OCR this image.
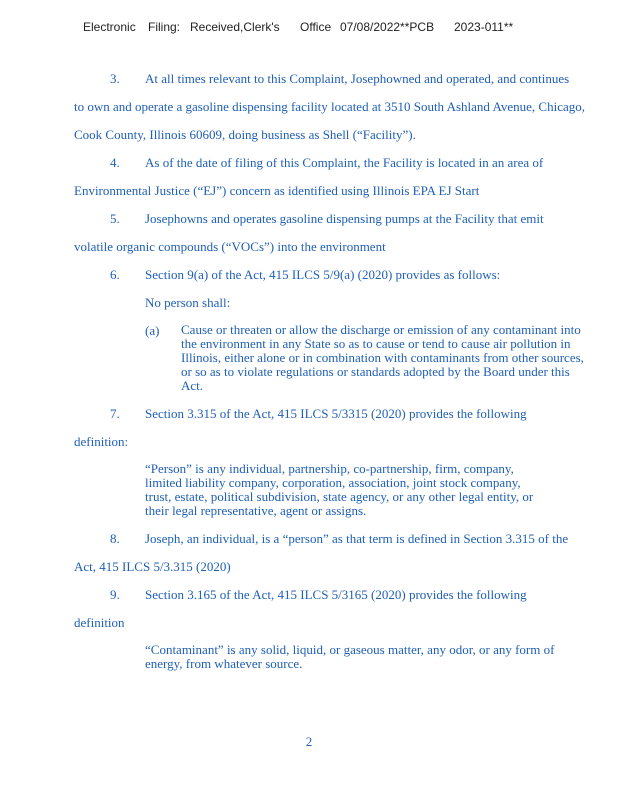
Electronic

Filing:

Received,Clerk's

Office

07/08/2022**PCB

2023-011**

3. At all times relevant to this Complaint, Josephowned and operated, and continues
to own and operate a gasoline dispensing facility located at 3510 South Ashland Avenue, Chicago,
Cook County, Illinois 60609, doing business as Shell (“Facility”).
4. As of the date of filing of this Complaint, the Facility is located in an area of
Environmental Justice (“EJ”) concern as identified using Illinois EPA EJ Start
5. Josephowns and operates gasoline dispensing pumps at the Facility that emit
volatile organic compounds (“VOCs”) into the environment
6. Section 9(a) of the Act, 415 ILCS 5/9(a) (2020) provides as follows:
No person shall:
(a) Cause or threaten or allow the discharge or emission of any contaminant into the environment in any State so as to cause or tend to cause air pollution in Illinois, either alone or in combination with contaminants from other sources, or so as to violate regulations or standards adopted by the Board under this Act.
7. Section 3.315 of the Act, 415 ILCS 5/3315 (2020) provides the following
definition:
“Person” is any individual, partnership, co-partnership, firm, company, limited liability company, corporation, association, joint stock company, trust, estate, political subdivision, state agency, or any other legal entity, or their legal representative, agent or assigns.
8. Joseph, an individual, is a “person” as that term is defined in Section 3.315 of the
Act, 415 ILCS 5/3.315 (2020)
9. Section 3.165 of the Act, 415 ILCS 5/3165 (2020) provides the following
definition
“Contaminant” is any solid, liquid, or gaseous matter, any odor, or any form of energy, from whatever source.
2
